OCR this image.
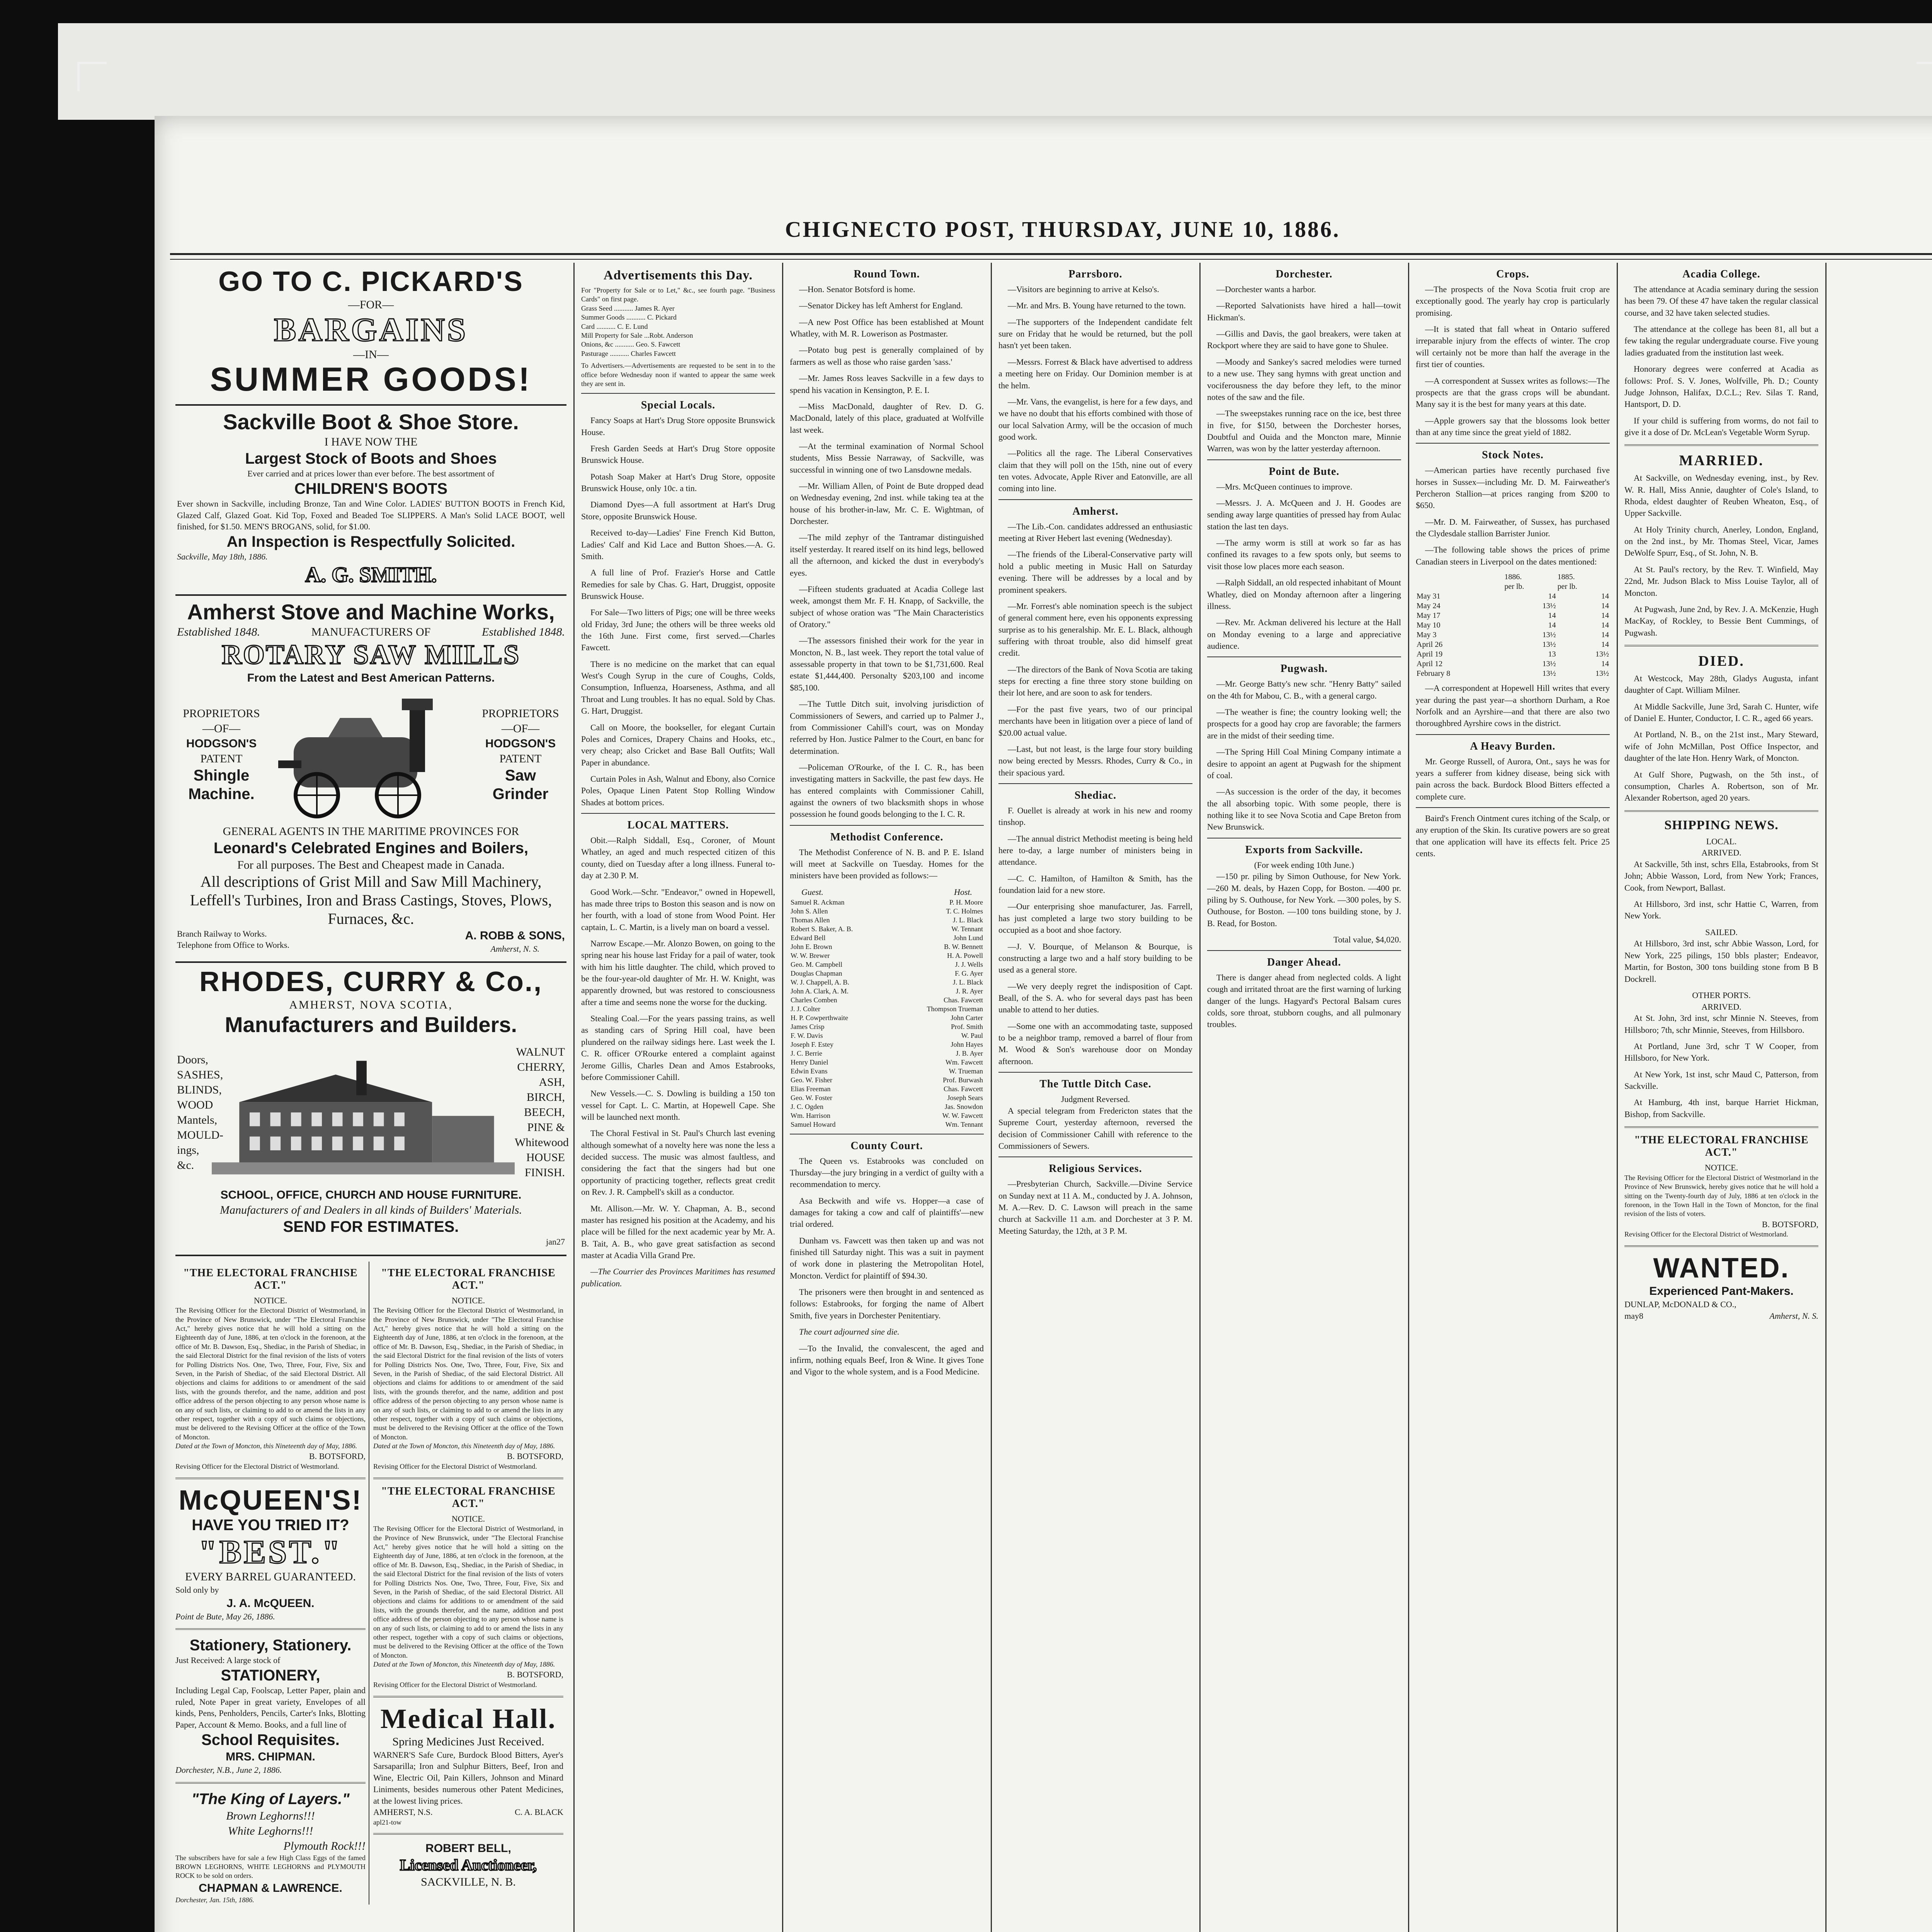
CHIGNECTO POST, THURSDAY, JUNE 10, 1886.
GO TO C. PICKARD'S
—FOR—
BARGAINS
—IN—
SUMMER GOODS!
Sackville Boot & Shoe Store.
I HAVE NOW THE
Largest Stock of Boots and Shoes
Ever carried and at prices lower than ever before. The best assortment of
CHILDREN'S BOOTS
Ever shown in Sackville, including Bronze, Tan and Wine Color. LADIES' BUTTON BOOTS in French Kid, Glazed Calf, Glazed Goat. Kid Top, Foxed and Beaded Toe SLIPPERS. A Man's Solid LACE BOOT, well finished, for $1.50. MEN'S BROGANS, solid, for $1.00.
An Inspection is Respectfully Solicited.
Sackville, May 18th, 1886.
A. G. SMITH.
Amherst Stove and Machine Works,
Established 1848.	MANUFACTURERS OF	Established 1848.
ROTARY SAW MILLS
From the Latest and Best American Patterns.
PROPRIETORS
—OF—
HODGSON'S
PATENT
Shingle Machine.
PROPRIETORS
—OF—
HODGSON'S
PATENT
Saw Grinder
GENERAL AGENTS IN THE MARITIME PROVINCES FOR
Leonard's Celebrated Engines and Boilers,
For all purposes. The Best and Cheapest made in Canada.
All descriptions of Grist Mill and Saw Mill Machinery, Leffell's Turbines, Iron and Brass Castings, Stoves, Plows, Furnaces, &c.
Branch Railway to Works.
Telephone from Office to Works.
A. ROBB & SONS,
Amherst, N. S.
RHODES, CURRY & Co.,
AMHERST, NOVA SCOTIA,
Manufacturers and Builders.
Doors,
SASHES,
BLINDS,
WOOD
Mantels,
MOULD-
ings, &c.
WALNUT
CHERRY,
ASH,
BIRCH,
BEECH,
PINE &
Whitewood
HOUSE
FINISH.
SCHOOL, OFFICE, CHURCH AND HOUSE FURNITURE.
Manufacturers of and Dealers in all kinds of Builders' Materials.
SEND FOR ESTIMATES.
jan27
"THE ELECTORAL FRANCHISE ACT."
NOTICE.
The Revising Officer for the Electoral District of Westmorland, in the Province of New Brunswick, under "The Electoral Franchise Act," hereby gives notice that he will hold a sitting on the Eighteenth day of June, 1886, at ten o'clock in the forenoon, at the office of Mr. B. Dawson, Esq., Shediac, in the Parish of Shediac, in the said Electoral District for the final revision of the lists of voters for Polling Districts Nos. One, Two, Three, Four, Five, Six and Seven, in the Parish of Shediac, of the said Electoral District. All objections and claims for additions to or amendment of the said lists, with the grounds therefor, and the name, addition and post office address of the person objecting to any person whose name is on any of such lists, or claiming to add to or amend the lists in any other respect, together with a copy of such claims or objections, must be delivered to the Revising Officer at the office of the Town of Moncton.
Dated at the Town of Moncton, this Nineteenth day of May, 1886.
B. BOTSFORD,
Revising Officer for the Electoral District of Westmorland.
McQUEEN'S!
HAVE YOU TRIED IT?
"BEST."
EVERY BARREL GUARANTEED.
Sold only by
J. A. McQUEEN.
Point de Bute, May 26, 1886.
Stationery, Stationery.
Just Received: A large stock of
STATIONERY,
Including Legal Cap, Foolscap, Letter Paper, plain and ruled, Note Paper in great variety, Envelopes of all kinds, Pens, Penholders, Pencils, Carter's Inks, Blotting Paper, Account & Memo. Books, and a full line of
School Requisites.
MRS. CHIPMAN.
Dorchester, N.B., June 2, 1886.
"The King of Layers."
Brown Leghorns!!!
White Leghorns!!!
Plymouth Rock!!!
The subscribers have for sale a few High Class Eggs of the famed BROWN LEGHORNS, WHITE LEGHORNS and PLYMOUTH ROCK to be sold on orders.
CHAPMAN & LAWRENCE.
Dorchester, Jan. 15th, 1886.
"THE ELECTORAL FRANCHISE ACT."
NOTICE.
The Revising Officer for the Electoral District of Westmorland, in the Province of New Brunswick, under "The Electoral Franchise Act," hereby gives notice that he will hold a sitting on the Eighteenth day of June, 1886, at ten o'clock in the forenoon, at the office of Mr. B. Dawson, Esq., Shediac, in the Parish of Shediac, in the said Electoral District for the final revision of the lists of voters for Polling Districts Nos. One, Two, Three, Four, Five, Six and Seven, in the Parish of Shediac, of the said Electoral District. All objections and claims for additions to or amendment of the said lists, with the grounds therefor, and the name, addition and post office address of the person objecting to any person whose name is on any of such lists, or claiming to add to or amend the lists in any other respect, together with a copy of such claims or objections, must be delivered to the Revising Officer at the office of the Town of Moncton.
Dated at the Town of Moncton, this Nineteenth day of May, 1886.
B. BOTSFORD,
Revising Officer for the Electoral District of Westmorland.
"THE ELECTORAL FRANCHISE ACT."
NOTICE.
The Revising Officer for the Electoral District of Westmorland, in the Province of New Brunswick, under "The Electoral Franchise Act," hereby gives notice that he will hold a sitting on the Eighteenth day of June, 1886, at ten o'clock in the forenoon, at the office of Mr. B. Dawson, Esq., Shediac, in the Parish of Shediac, in the said Electoral District for the final revision of the lists of voters for Polling Districts Nos. One, Two, Three, Four, Five, Six and Seven, in the Parish of Shediac, of the said Electoral District. All objections and claims for additions to or amendment of the said lists, with the grounds therefor, and the name, addition and post office address of the person objecting to any person whose name is on any of such lists, or claiming to add to or amend the lists in any other respect, together with a copy of such claims or objections, must be delivered to the Revising Officer at the office of the Town of Moncton.
Dated at the Town of Moncton, this Nineteenth day of May, 1886.
B. BOTSFORD,
Revising Officer for the Electoral District of Westmorland.
Medical Hall.
Spring Medicines Just Received.
WARNER'S Safe Cure, Burdock Blood Bitters, Ayer's Sarsaparilla; Iron and Sulphur Bitters, Beef, Iron and Wine, Electric Oil, Pain Killers, Johnson and Minard Liniments, besides numerous other Patent Medicines, at the lowest living prices.
AMHERST, N.S.	C. A. BLACK
apl21-tow
ROBERT BELL,
Licensed Auctioneer,
SACKVILLE, N. B.
Advertisements this Day.
For "Property for Sale or to Let," &c., see fourth page. "Business Cards" on first page.
Grass Seed ........... James R. Ayer
Summer Goods ........... C. Pickard
Card ........... C. E. Lund
Mill Property for Sale ...Robt. Anderson
Onions, &c ........... Geo. S. Fawcett
Pasturage ........... Charles Fawcett
To Advertisers.—Advertisements are requested to be sent in to the office before Wednesday noon if wanted to appear the same week they are sent in.
Special Locals.
Fancy Soaps at Hart's Drug Store opposite Brunswick House.
Fresh Garden Seeds at Hart's Drug Store opposite Brunswick House.
Potash Soap Maker at Hart's Drug Store, opposite Brunswick House, only 10c. a tin.
Diamond Dyes—A full assortment at Hart's Drug Store, opposite Brunswick House.
Received to-day—Ladies' Fine French Kid Button, Ladies' Calf and Kid Lace and Button Shoes.—A. G. Smith.
A full line of Prof. Frazier's Horse and Cattle Remedies for sale by Chas. G. Hart, Druggist, opposite Brunswick House.
For Sale—Two litters of Pigs; one will be three weeks old Friday, 3rd June; the others will be three weeks old the 16th June. First come, first served.—Charles Fawcett.
There is no medicine on the market that can equal West's Cough Syrup in the cure of Coughs, Colds, Consumption, Influenza, Hoarseness, Asthma, and all Throat and Lung troubles. It has no equal. Sold by Chas. G. Hart, Druggist.
Call on Moore, the bookseller, for elegant Curtain Poles and Cornices, Drapery Chains and Hooks, etc., very cheap; also Cricket and Base Ball Outfits; Wall Paper in abundance.
Curtain Poles in Ash, Walnut and Ebony, also Cornice Poles, Opaque Linen Patent Stop Rolling Window Shades at bottom prices.
LOCAL MATTERS.
Obit.—Ralph Siddall, Esq., Coroner, of Mount Whatley, an aged and much respected citizen of this county, died on Tuesday after a long illness. Funeral to-day at 2.30 P. M.
Good Work.—Schr. "Endeavor," owned in Hopewell, has made three trips to Boston this season and is now on her fourth, with a load of stone from Wood Point. Her captain, L. C. Martin, is a lively man on board a vessel.
Narrow Escape.—Mr. Alonzo Bowen, on going to the spring near his house last Friday for a pail of water, took with him his little daughter. The child, which proved to be the four-year-old daughter of Mr. H. W. Knight, was apparently drowned, but was restored to consciousness after a time and seems none the worse for the ducking.
Stealing Coal.—For the years passing trains, as well as standing cars of Spring Hill coal, have been plundered on the railway sidings here. Last week the I. C. R. officer O'Rourke entered a complaint against Jerome Gillis, Charles Dean and Amos Estabrooks, before Commissioner Cahill.
New Vessels.—C. S. Dowling is building a 150 ton vessel for Capt. L. C. Martin, at Hopewell Cape. She will be launched next month.
The Choral Festival in St. Paul's Church last evening although somewhat of a novelty here was none the less a decided success. The music was almost faultless, and considering the fact that the singers had but one opportunity of practicing together, reflects great credit on Rev. J. R. Campbell's skill as a conductor.
Mt. Allison.—Mr. W. Y. Chapman, A. B., second master has resigned his position at the Academy, and his place will be filled for the next academic year by Mr. A. B. Tait, A. B., who gave great satisfaction as second master at Acadia Villa Grand Pre.
—The Courrier des Provinces Maritimes has resumed publication.
Round Town.
—Hon. Senator Botsford is home.
—Senator Dickey has left Amherst for England.
—A new Post Office has been established at Mount Whatley, with M. R. Lowerison as Postmaster.
—Potato bug pest is generally complained of by farmers as well as those who raise garden 'sass.'
—Mr. James Ross leaves Sackville in a few days to spend his vacation in Kensington, P. E. I.
—Miss MacDonald, daughter of Rev. D. G. MacDonald, lately of this place, graduated at Wolfville last week.
—At the terminal examination of Normal School students, Miss Bessie Narraway, of Sackville, was successful in winning one of two Lansdowne medals.
—Mr. William Allen, of Point de Bute dropped dead on Wednesday evening, 2nd inst. while taking tea at the house of his brother-in-law, Mr. C. E. Wightman, of Dorchester.
—The mild zephyr of the Tantramar distinguished itself yesterday. It reared itself on its hind legs, bellowed all the afternoon, and kicked the dust in everybody's eyes.
—Fifteen students graduated at Acadia College last week, amongst them Mr. F. H. Knapp, of Sackville, the subject of whose oration was "The Main Characteristics of Oratory."
—The assessors finished their work for the year in Moncton, N. B., last week. They report the total value of assessable property in that town to be $1,731,600. Real estate $1,444,400. Personalty $203,100 and income $85,100.
—The Tuttle Ditch suit, involving jurisdiction of Commissioners of Sewers, and carried up to Palmer J., from Commissioner Cahill's court, was on Monday referred by Hon. Justice Palmer to the Court, en banc for determination.
—Policeman O'Rourke, of the I. C. R., has been investigating matters in Sackville, the past few days. He has entered complaints with Commissioner Cahill, against the owners of two blacksmith shops in whose possession he found goods belonging to the I. C. R.
Methodist Conference.
The Methodist Conference of N. B. and P. E. Island will meet at Sackville on Tuesday. Homes for the ministers have been provided as follows:—
Guest.	Host.
Samuel R. Ackman	P. H. Moore
John S. Allen	T. C. Holmes
Thomas Allen	J. L. Black
Robert S. Baker, A. B.	W. Tennant
Edward Bell	John Lund
John E. Brown	B. W. Bennett
W. W. Brewer	H. A. Powell
Geo. M. Campbell	J. J. Wells
Douglas Chapman	F. G. Ayer
W. J. Chappell, A. B.	J. L. Black
John A. Clark, A. M.	J. R. Ayer
Charles Comben	Chas. Fawcett
J. J. Colter	Thompson Trueman
H. P. Cowperthwaite	John Carter
James Crisp	Prof. Smith
F. W. Davis	W. Paul
Joseph F. Estey	John Hayes
J. C. Berrie	J. B. Ayer
Henry Daniel	Wm. Fawcett
Edwin Evans	W. Trueman
Geo. W. Fisher	Prof. Burwash
Elias Freeman	Chas. Fawcett
Geo. W. Foster	Joseph Sears
J. C. Ogden	Jas. Snowdon
Wm. Harrison	W. W. Fawcett
Samuel Howard	Wm. Tennant
County Court.
The Queen vs. Estabrooks was concluded on Thursday—the jury bringing in a verdict of guilty with a recommendation to mercy.
Asa Beckwith and wife vs. Hopper—a case of damages for taking a cow and calf of plaintiffs'—new trial ordered.
Dunham vs. Fawcett was then taken up and was not finished till Saturday night. This was a suit in payment of work done in plastering the Metropolitan Hotel, Moncton. Verdict for plaintiff of $94.30.
The prisoners were then brought in and sentenced as follows: Estabrooks, for forging the name of Albert Smith, five years in Dorchester Penitentiary.
The court adjourned sine die.
—To the Invalid, the convalescent, the aged and infirm, nothing equals Beef, Iron & Wine. It gives Tone and Vigor to the whole system, and is a Food Medicine.
Parrsboro.
—Visitors are beginning to arrive at Kelso's.
—Mr. and Mrs. B. Young have returned to the town.
—The supporters of the Independent candidate felt sure on Friday that he would be returned, but the poll hasn't yet been taken.
—Messrs. Forrest & Black have advertised to address a meeting here on Friday. Our Dominion member is at the helm.
—Mr. Vans, the evangelist, is here for a few days, and we have no doubt that his efforts combined with those of our local Salvation Army, will be the occasion of much good work.
—Politics all the rage. The Liberal Conservatives claim that they will poll on the 15th, nine out of every ten votes. Advocate, Apple River and Eatonville, are all coming into line.
Amherst.
—The Lib.-Con. candidates addressed an enthusiastic meeting at River Hebert last evening (Wednesday).
—The friends of the Liberal-Conservative party will hold a public meeting in Music Hall on Saturday evening. There will be addresses by a local and by prominent speakers.
—Mr. Forrest's able nomination speech is the subject of general comment here, even his opponents expressing surprise as to his generalship. Mr. E. L. Black, although suffering with throat trouble, also did himself great credit.
—The directors of the Bank of Nova Scotia are taking steps for erecting a fine three story stone building on their lot here, and are soon to ask for tenders.
—For the past five years, two of our principal merchants have been in litigation over a piece of land of $20.00 actual value.
—Last, but not least, is the large four story building now being erected by Messrs. Rhodes, Curry & Co., in their spacious yard.
Shediac.
F. Ouellet is already at work in his new and roomy tinshop.
—The annual district Methodist meeting is being held here to-day, a large number of ministers being in attendance.
—C. C. Hamilton, of Hamilton & Smith, has the foundation laid for a new store.
—Our enterprising shoe manufacturer, Jas. Farrell, has just completed a large two story building to be occupied as a boot and shoe factory.
—J. V. Bourque, of Melanson & Bourque, is constructing a large two and a half story building to be used as a general store.
—We very deeply regret the indisposition of Capt. Beall, of the S. A. who for several days past has been unable to attend to her duties.
—Some one with an accommodating taste, supposed to be a neighbor tramp, removed a barrel of flour from M. Wood & Son's warehouse door on Monday afternoon.
The Tuttle Ditch Case.
Judgment Reversed.
A special telegram from Fredericton states that the Supreme Court, yesterday afternoon, reversed the decision of Commissioner Cahill with reference to the Commissioners of Sewers.
Religious Services.
—Presbyterian Church, Sackville.—Divine Service on Sunday next at 11 A. M., conducted by J. A. Johnson, M. A.—Rev. D. C. Lawson will preach in the same church at Sackville 11 a.m. and Dorchester at 3 P. M. Meeting Saturday, the 12th, at 3 P. M.
Dorchester.
—Dorchester wants a harbor.
—Reported Salvationists have hired a hall—towit Hickman's.
—Gillis and Davis, the gaol breakers, were taken at Rockport where they are said to have gone to Shulee.
—Moody and Sankey's sacred melodies were turned to a new use. They sang hymns with great unction and vociferousness the day before they left, to the minor notes of the saw and the file.
—The sweepstakes running race on the ice, best three in five, for $150, between the Dorchester horses, Doubtful and Ouida and the Moncton mare, Minnie Warren, was won by the latter yesterday afternoon.
Point de Bute.
—Mrs. McQueen continues to improve.
—Messrs. J. A. McQueen and J. H. Goodes are sending away large quantities of pressed hay from Aulac station the last ten days.
—The army worm is still at work so far as has confined its ravages to a few spots only, but seems to visit those low places more each season.
—Ralph Siddall, an old respected inhabitant of Mount Whatley, died on Monday afternoon after a lingering illness.
—Rev. Mr. Ackman delivered his lecture at the Hall on Monday evening to a large and appreciative audience.
Pugwash.
—Mr. George Batty's new schr. "Henry Batty" sailed on the 4th for Mabou, C. B., with a general cargo.
—The weather is fine; the country looking well; the prospects for a good hay crop are favorable; the farmers are in the midst of their seeding time.
—The Spring Hill Coal Mining Company intimate a desire to appoint an agent at Pugwash for the shipment of coal.
—As succession is the order of the day, it becomes the all absorbing topic. With some people, there is nothing like it to see Nova Scotia and Cape Breton from New Brunswick.
Exports from Sackville.
(For week ending 10th June.)
—150 pr. piling by Simon Outhouse, for New York. —260 M. deals, by Hazen Copp, for Boston. —400 pr. piling by S. Outhouse, for New York. —300 poles, by S. Outhouse, for Boston. —100 tons building stone, by J. B. Read, for Boston.
Total value, $4,020.
Danger Ahead.
There is danger ahead from neglected colds. A light cough and irritated throat are the first warning of lurking danger of the lungs. Hagyard's Pectoral Balsam cures colds, sore throat, stubborn coughs, and all pulmonary troubles.
Crops.
—The prospects of the Nova Scotia fruit crop are exceptionally good. The yearly hay crop is particularly promising.
—It is stated that fall wheat in Ontario suffered irreparable injury from the effects of winter. The crop will certainly not be more than half the average in the first tier of counties.
—A correspondent at Sussex writes as follows:—The prospects are that the grass crops will be abundant. Many say it is the best for many years at this date.
—Apple growers say that the blossoms look better than at any time since the great yield of 1882.
Stock Notes.
—American parties have recently purchased five horses in Sussex—including Mr. D. M. Fairweather's Percheron Stallion—at prices ranging from $200 to $650.
—Mr. D. M. Fairweather, of Sussex, has purchased the Clydesdale stallion Barrister Junior.
—The following table shows the prices of prime Canadian steers in Liverpool on the dates mentioned:
	1886.	1885.
	per lb.	per lb.
May 31	14	14
May 24	13½	14
May 17	14	14
May 10	14	14
May 3	13½	14
April 26	13½	14
April 19	13	13½
April 12	13½	14
February 8	13½	13½
—A correspondent at Hopewell Hill writes that every year during the past year—a shorthorn Durham, a Roe Norfolk and an Ayrshire—and that there are also two thoroughbred Ayrshire cows in the district.
A Heavy Burden.
Mr. George Russell, of Aurora, Ont., says he was for years a sufferer from kidney disease, being sick with pain across the back. Burdock Blood Bitters effected a complete cure.
Baird's French Ointment cures itching of the Scalp, or any eruption of the Skin. Its curative powers are so great that one application will have its effects felt. Price 25 cents.
Acadia College.
The attendance at Acadia seminary during the session has been 79. Of these 47 have taken the regular classical course, and 32 have taken selected studies.
The attendance at the college has been 81, all but a few taking the regular undergraduate course. Five young ladies graduated from the institution last week.
Honorary degrees were conferred at Acadia as follows: Prof. S. V. Jones, Wolfville, Ph. D.; County Judge Johnson, Halifax, D.C.L.; Rev. Silas T. Rand, Hantsport, D. D.
If your child is suffering from worms, do not fail to give it a dose of Dr. McLean's Vegetable Worm Syrup.
MARRIED.
At Sackville, on Wednesday evening, inst., by Rev. W. R. Hall, Miss Annie, daughter of Cole's Island, to Rhoda, eldest daughter of Reuben Wheaton, Esq., of Upper Sackville.
At Holy Trinity church, Anerley, London, England, on the 2nd inst., by Mr. Thomas Steel, Vicar, James DeWolfe Spurr, Esq., of St. John, N. B.
At St. Paul's rectory, by the Rev. T. Winfield, May 22nd, Mr. Judson Black to Miss Louise Taylor, all of Moncton.
At Pugwash, June 2nd, by Rev. J. A. McKenzie, Hugh MacKay, of Rockley, to Bessie Bent Cummings, of Pugwash.
DIED.
At Westcock, May 28th, Gladys Augusta, infant daughter of Capt. William Milner.
At Middle Sackville, June 3rd, Sarah C. Hunter, wife of Daniel E. Hunter, Conductor, I. C. R., aged 66 years.
At Portland, N. B., on the 21st inst., Mary Steward, wife of John McMillan, Post Office Inspector, and daughter of the late Hon. Henry Wark, of Moncton.
At Gulf Shore, Pugwash, on the 5th inst., of consumption, Charles A. Robertson, son of Mr. Alexander Robertson, aged 20 years.
SHIPPING NEWS.
LOCAL.
ARRIVED.
At Sackville, 5th inst, schrs Ella, Estabrooks, from St John; Abbie Wasson, Lord, from New York; Frances, Cook, from Newport, Ballast.
At Hillsboro, 3rd inst, schr Hattie C, Warren, from New York.
SAILED.
At Hillsboro, 3rd inst, schr Abbie Wasson, Lord, for New York, 225 pilings, 150 bbls plaster; Endeavor, Martin, for Boston, 300 tons building stone from B B Dockrell.
OTHER PORTS.
ARRIVED.
At St. John, 3rd inst, schr Minnie N. Steeves, from Hillsboro; 7th, schr Minnie, Steeves, from Hillsboro.
At Portland, June 3rd, schr T W Cooper, from Hillsboro, for New York.
At New York, 1st inst, schr Maud C, Patterson, from Sackville.
At Hamburg, 4th inst, barque Harriet Hickman, Bishop, from Sackville.
"THE ELECTORAL FRANCHISE ACT."
NOTICE.
The Revising Officer for the Electoral District of Westmorland in the Province of New Brunswick, hereby gives notice that he will hold a sitting on the Twenty-fourth day of July, 1886 at ten o'clock in the forenoon, in the Town Hall in the Town of Moncton, for the final revision of the lists of voters.
B. BOTSFORD,
Revising Officer for the Electoral District of Westmorland.
WANTED.
Experienced Pant-Makers.
DUNLAP, McDONALD & CO.,
may8	Amherst, N. S.
